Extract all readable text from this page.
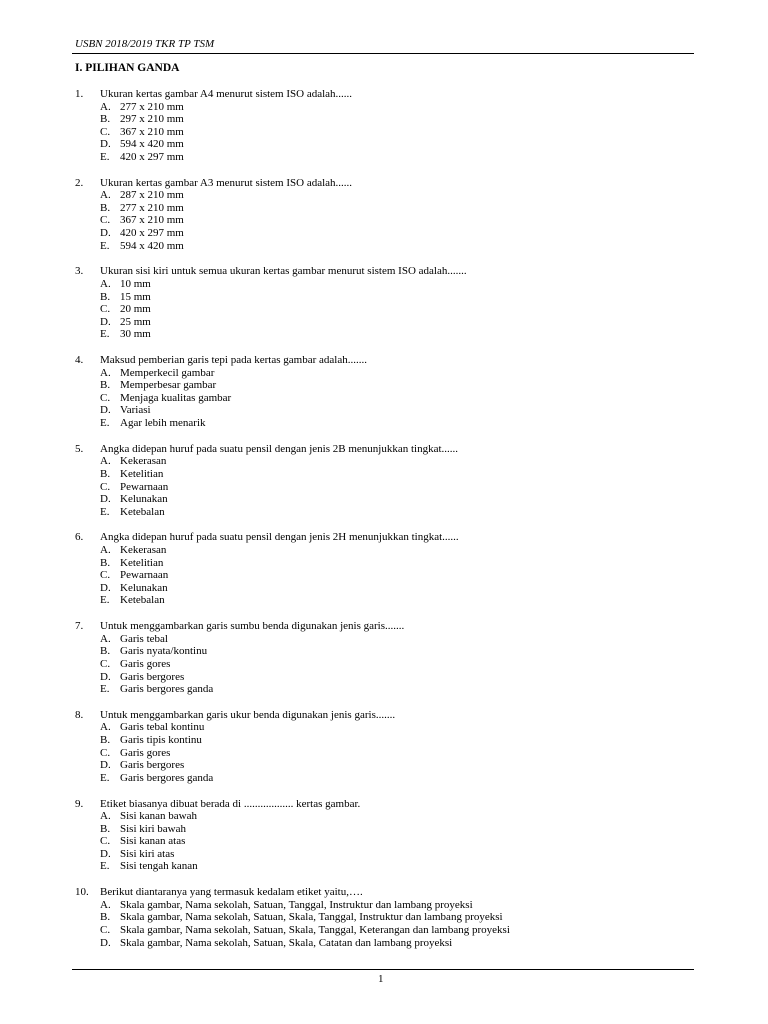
USBN 2018/2019 TKR TP TSM
I. PILIHAN GANDA
1.	Ukuran kertas gambar A4 menurut sistem ISO adalah......
A. 277 x 210 mm
B. 297 x 210 mm
C. 367 x 210 mm
D. 594 x 420 mm
E. 420 x 297 mm
2.	Ukuran kertas gambar A3 menurut sistem ISO adalah......
A. 287 x 210 mm
B. 277 x 210 mm
C. 367 x 210 mm
D. 420 x 297 mm
E. 594 x 420 mm
3.	Ukuran sisi kiri untuk semua ukuran kertas gambar menurut sistem ISO adalah.......
A. 10 mm
B. 15 mm
C. 20 mm
D. 25 mm
E. 30 mm
4.	Maksud pemberian garis tepi pada kertas gambar adalah.......
A. Memperkecil gambar
B. Memperbesar gambar
C. Menjaga kualitas gambar
D. Variasi
E. Agar lebih menarik
5.	Angka didepan huruf pada suatu pensil dengan jenis 2B menunjukkan tingkat......
A. Kekerasan
B. Ketelitian
C. Pewarnaan
D. Kelunakan
E. Ketebalan
6.	Angka didepan huruf pada suatu pensil dengan jenis 2H menunjukkan tingkat......
A. Kekerasan
B. Ketelitian
C. Pewarnaan
D. Kelunakan
E. Ketebalan
7.	Untuk menggambarkan garis sumbu benda digunakan jenis garis.......
A. Garis tebal
B. Garis nyata/kontinu
C. Garis gores
D. Garis bergores
E. Garis bergores ganda
8.	Untuk menggambarkan garis ukur benda digunakan jenis garis.......
A. Garis tebal kontinu
B. Garis tipis kontinu
C. Garis gores
D. Garis bergores
E. Garis bergores ganda
9.	Etiket biasanya dibuat berada di .................. kertas gambar.
A. Sisi kanan bawah
B. Sisi kiri bawah
C. Sisi kanan atas
D. Sisi kiri atas
E. Sisi tengah kanan
10.	Berikut diantaranya yang termasuk kedalam etiket yaitu,….
A. Skala gambar, Nama sekolah, Satuan, Tanggal, Instruktur dan lambang proyeksi
B. Skala gambar, Nama sekolah, Satuan, Skala, Tanggal, Instruktur dan lambang proyeksi
C. Skala gambar, Nama sekolah, Satuan, Skala, Tanggal, Keterangan dan lambang proyeksi
D. Skala gambar, Nama sekolah, Satuan, Skala, Catatan dan lambang proyeksi
1
